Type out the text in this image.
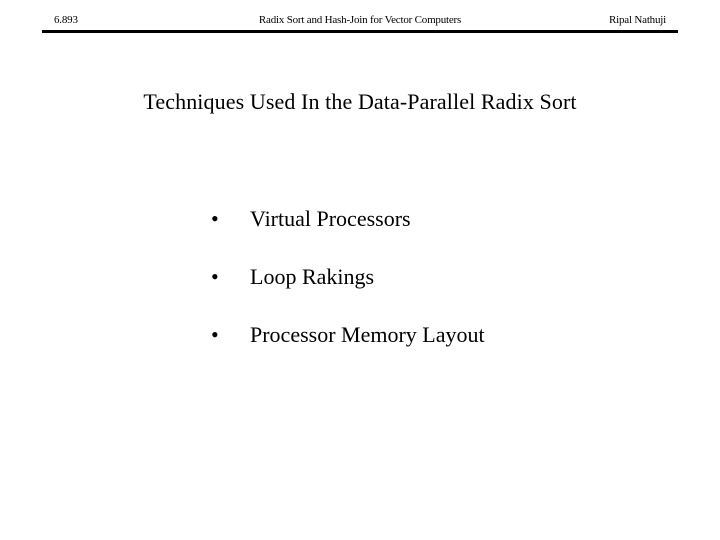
6.893	Radix Sort and Hash-Join for Vector Computers	Ripal Nathuji
Techniques Used In the Data-Parallel Radix Sort
• Virtual Processors
• Loop Rakings
• Processor Memory Layout
